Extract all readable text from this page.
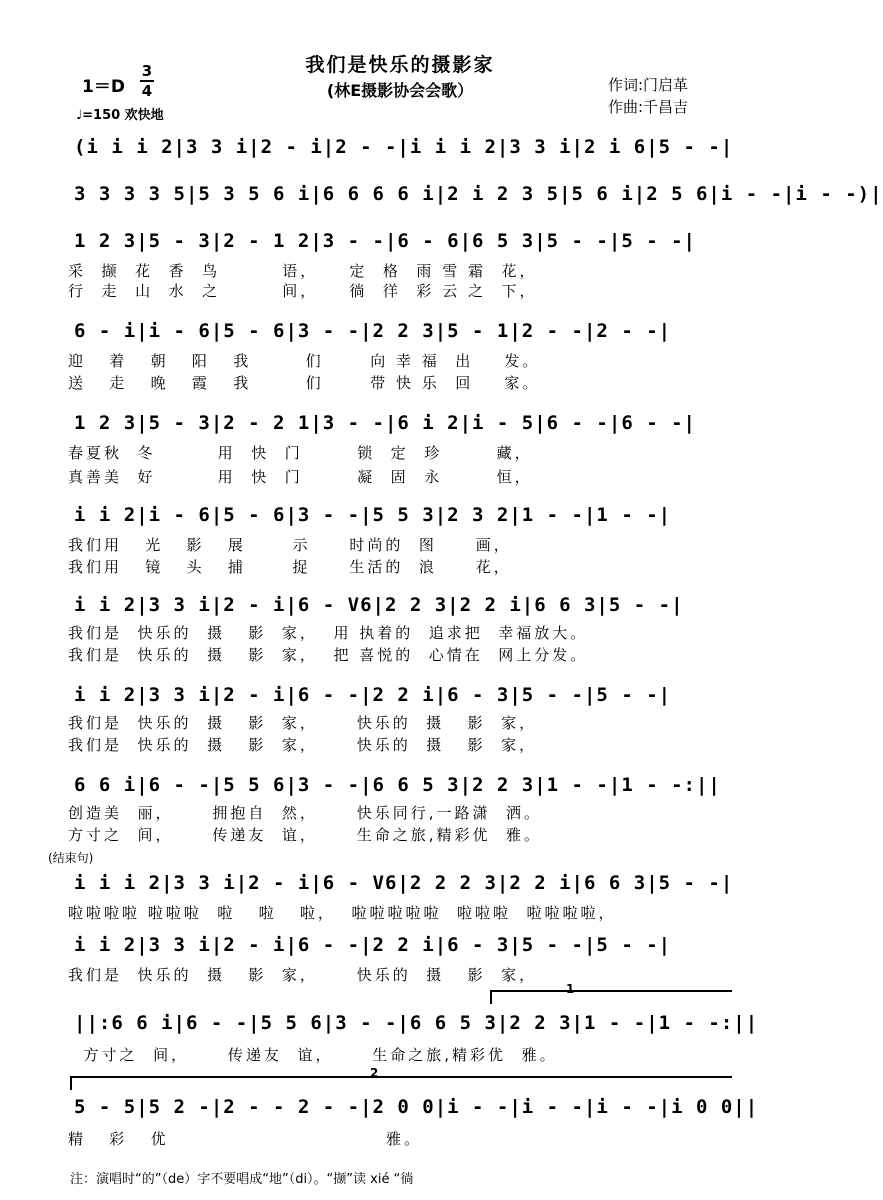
我们是快乐的摄影家
(林E摄影协会会歌）
1＝D
3
4
♩=150 欢快地
作词:门启革
作曲:千昌吉
(i i i 2|3 3 i|2 - i|2 - -|i i i 2|3 3 i|2 i 6|5 - -|
3 3 3 3 5|5 3 5 6 i|6 6 6 6 i|2 i 2 3 5|5 6 i|2 5 6|i - -|i - -)|
1 2 3|5 - 3|2 - 1 2|3 - -|6 - 6|6 5 3|5 - -|5 - -|
采  撷  花  香  鸟        语，    定  格  雨 雪 霜  花，
行  走  山  水  之        间，    徜  徉  彩 云 之  下，
6 - i|i - 6|5 - 6|3 - -|2 2 3|5 - 1|2 - -|2 - -|
迎   着   朝   阳   我       们      向 幸 福  出    发。
送   走   晚   霞   我       们      带 快 乐  回    家。
1 2 3|5 - 3|2 - 2 1|3 - -|6 i 2|i - 5|6 - -|6 - -|
春夏秋  冬        用  快  门       锁  定  珍       藏，
真善美  好        用  快  门       凝  固  永       恒，
i i 2|i - 6|5 - 6|3 - -|5 5 3|2 3 2|1 - -|1 - -|
我们用   光   影   展      示     时尚的  图     画，
我们用   镜   头   捕      捉     生活的  浪     花，
i i 2|3 3 i|2 - i|6 - V6|2 2 3|2 2 i|6 6 3|5 - -|
我们是  快乐的  摄   影  家，  用 执着的  追求把  幸福放大。
我们是  快乐的  摄   影  家，  把 喜悦的  心情在  网上分发。
i i 2|3 3 i|2 - i|6 - -|2 2 i|6 - 3|5 - -|5 - -|
我们是  快乐的  摄   影  家，     快乐的  摄   影  家，
我们是  快乐的  摄   影  家，     快乐的  摄   影  家，
6 6 i|6 - -|5 5 6|3 - -|6 6 5 3|2 2 3|1 - -|1 - -:||
创造美  丽，     拥抱自  然，     快乐同行,一路潇  洒。
方寸之  间，     传递友  谊，     生命之旅,精彩优  雅。
(结束句)
i i i 2|3 3 i|2 - i|6 - V6|2 2 2 3|2 2 i|6 6 3|5 - -|
啦啦啦啦 啦啦啦  啦   啦   啦，  啦啦啦啦啦  啦啦啦  啦啦啦啦，
i i 2|3 3 i|2 - i|6 - -|2 2 i|6 - 3|5 - -|5 - -|
我们是  快乐的  摄   影  家，     快乐的  摄   影  家，
1
||:6 6 i|6 - -|5 5 6|3 - -|6 6 5 3|2 2 3|1 - -|1 - -:||
方寸之  间，     传递友  谊，     生命之旅,精彩优  雅。
2
5 - 5|5 2 -|2 - - 2 - -|2 0 0|i - -|i - -|i - -|i 0 0||
精   彩   优                            雅。
注：演唱时“的”（de）字不要唱成“地”（di）。“撷”读 xié “徜
